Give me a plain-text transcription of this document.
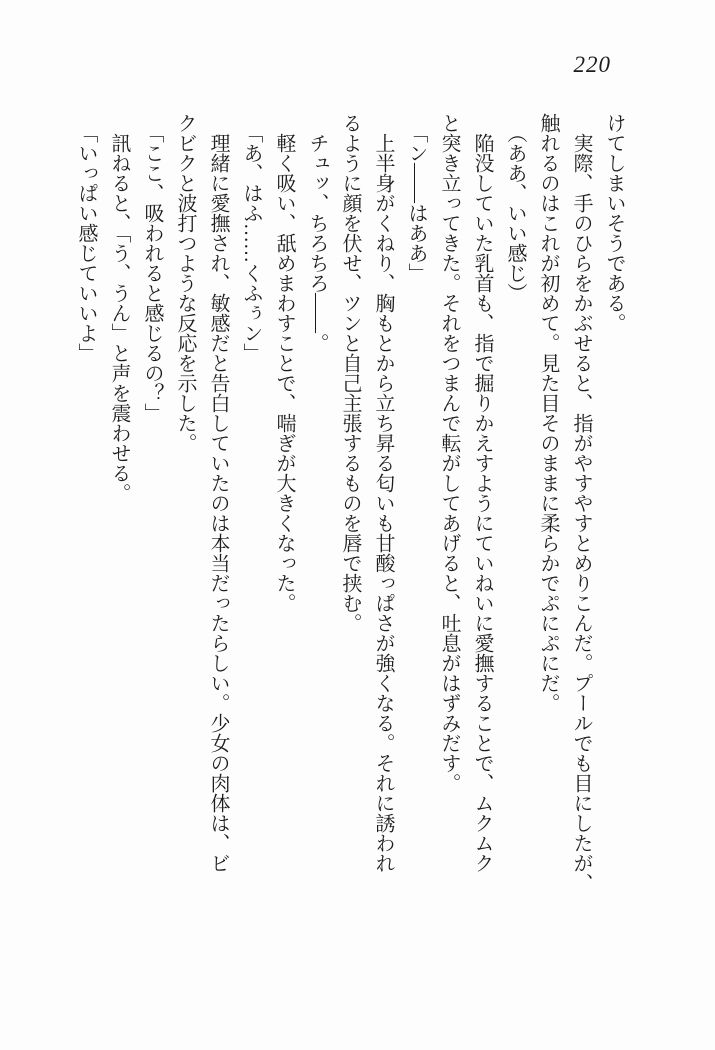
220

けてしまいそうである。

実際、手のひらをかぶせると、指がやすやすとめりこんだ。プールでも目にしたが、

触れるのはこれが初めて。見た目そのままに柔らかでぷにぷにだ。

（ああ、いい感じ）

陥没していた乳首も、指で掘りかえすようにていねいに愛撫することで、ムクムク

と突き立ってきた。それをつまんで転がしてあげると、吐息がはずみだす。

「ン――はああ」

上半身がくねり、胸もとから立ち昇る匂いも甘酸っぱさが強くなる。それに誘われ

るように顔を伏せ、ツンと自己主張するものを唇で挟む。

チュッ、ちろちろ――。

軽く吸い、舐めまわすことで、喘ぎが大きくなった。

「あ、はふ……くふぅン」

理緒に愛撫され、敏感だと告白していたのは本当だったらしい。少女の肉体は、ビ

クビクと波打つような反応を示した。

「ここ、吸われると感じるの？」

訊ねると、「う、うん」と声を震わせる。

「いっぱい感じていいよ」
